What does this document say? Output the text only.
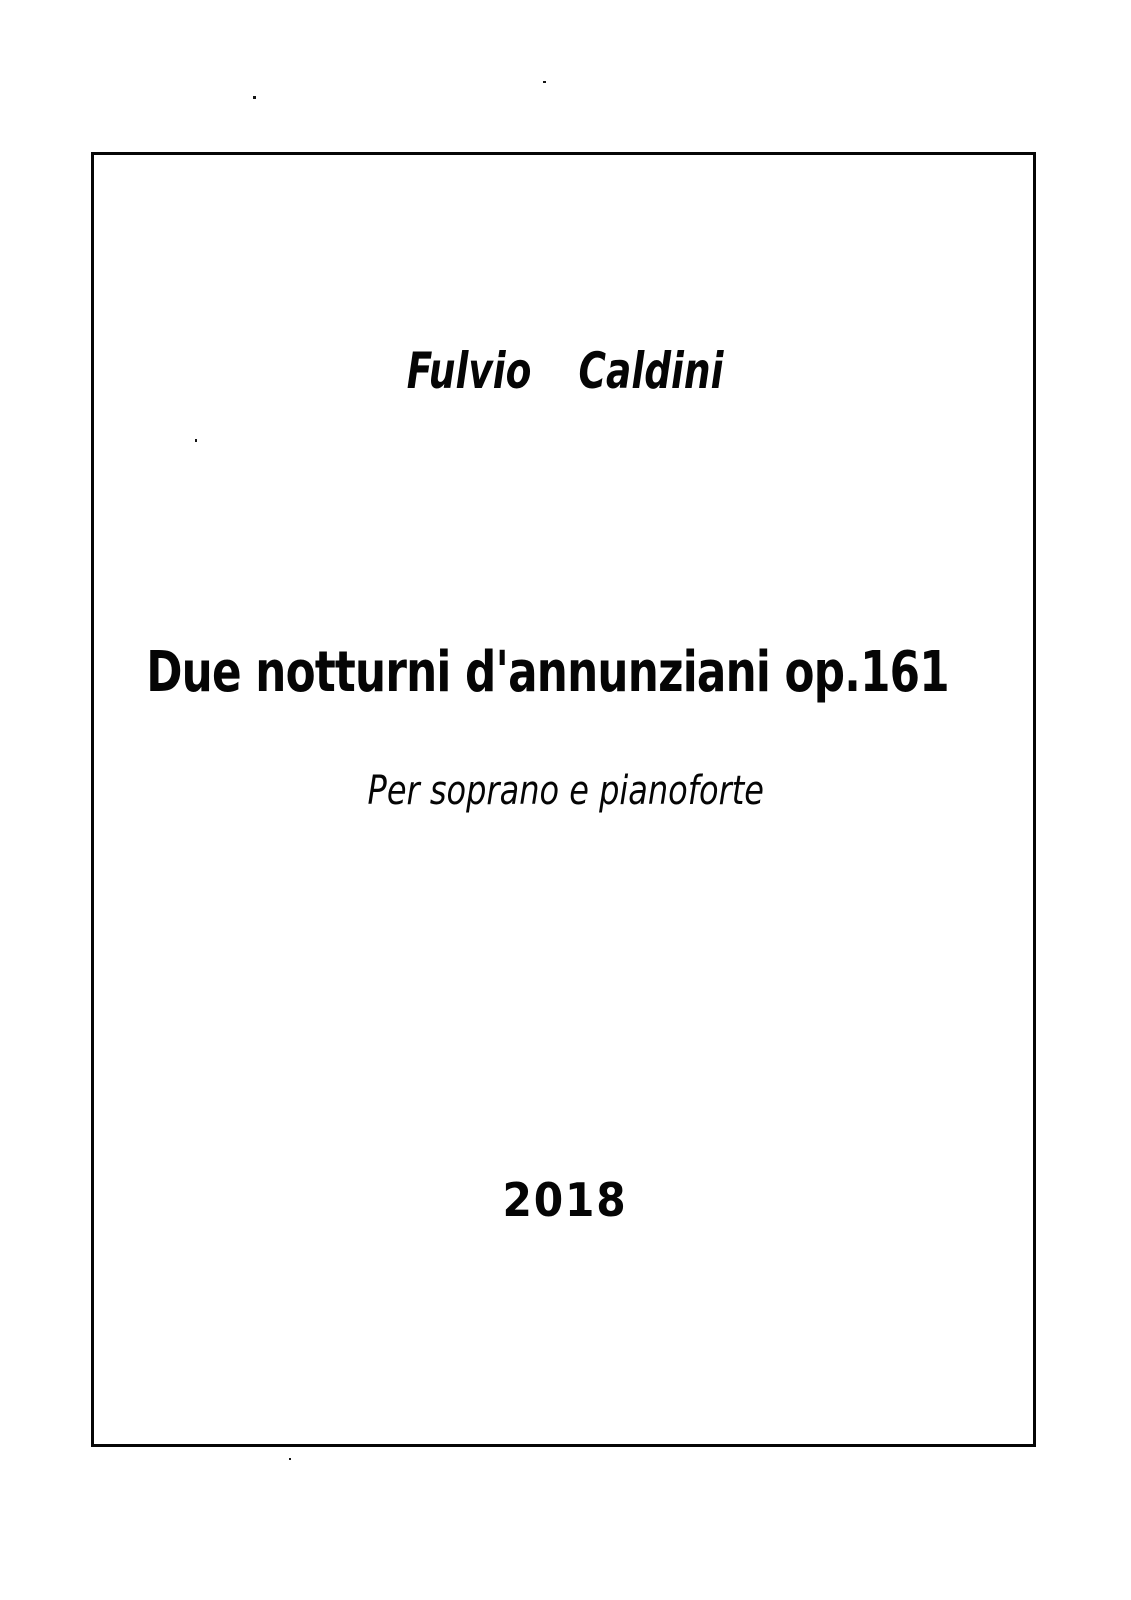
Fulvio  Caldini
Due notturni d'annunziani op.161
Per soprano e pianoforte
2018
